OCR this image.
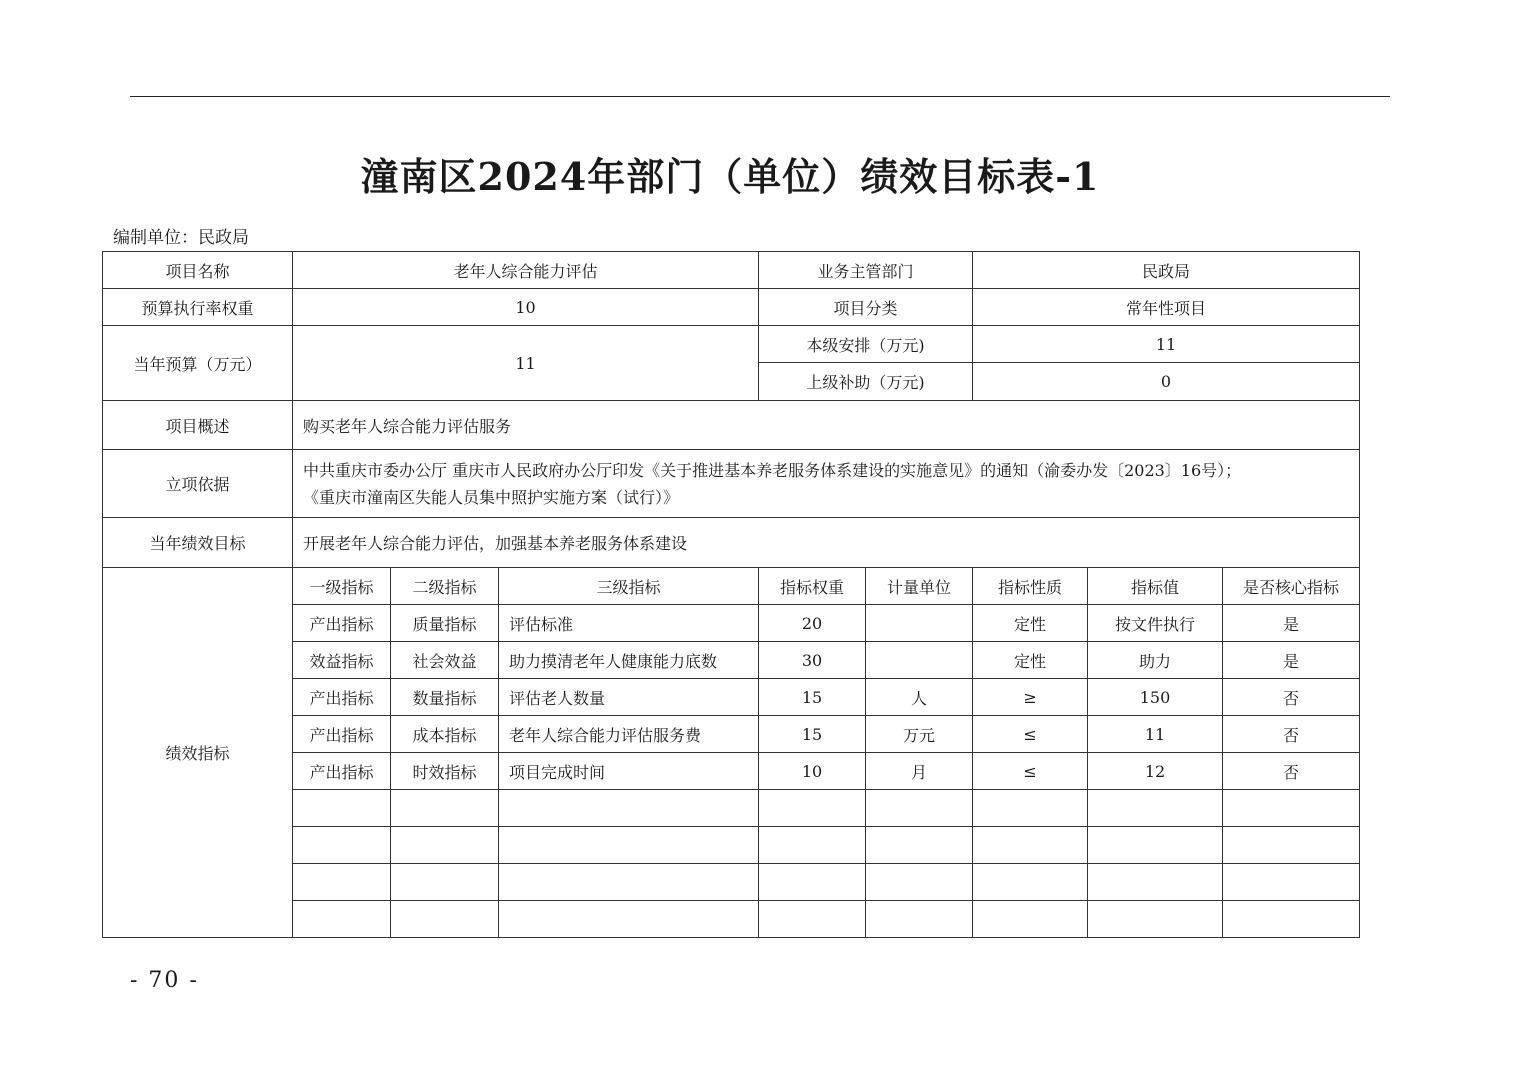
潼南区2024年部门（单位）绩效目标表-1
编制单位：民政局
项目名称	老年人综合能力评估			业务主管部门		民政局		
预算执行率权重	10			项目分类		常年性项目		
当年预算（万元）	11			本级安排（万元)		11		
				上级补助（万元)		0		
项目概述	购买老年人综合能力评估服务							
立项依据	中共重庆市委办公厅 重庆市人民政府办公厅印发《关于推进基本养老服务体系建设的实施意见》的通知（渝委办发〔2023〕16号）；
《重庆市潼南区失能人员集中照护实施方案（试行）》							

当年绩效目标	开展老年人综合能力评估，加强基本养老服务体系建设							
绩效指标	一级指标	二级指标	三级指标	指标权重	计量单位	指标性质	指标值	是否核心指标
	产出指标	质量指标	评估标准	20		定性	按文件执行	是
	效益指标	社会效益	助力摸清老年人健康能力底数	30		定性	助力	是
	产出指标	数量指标	评估老人数量	15	人	≥	150	否
	产出指标	成本指标	老年人综合能力评估服务费	15	万元	≤	11	否
	产出指标	时效指标	项目完成时间	10	月	≤	12	否

- 70 -
